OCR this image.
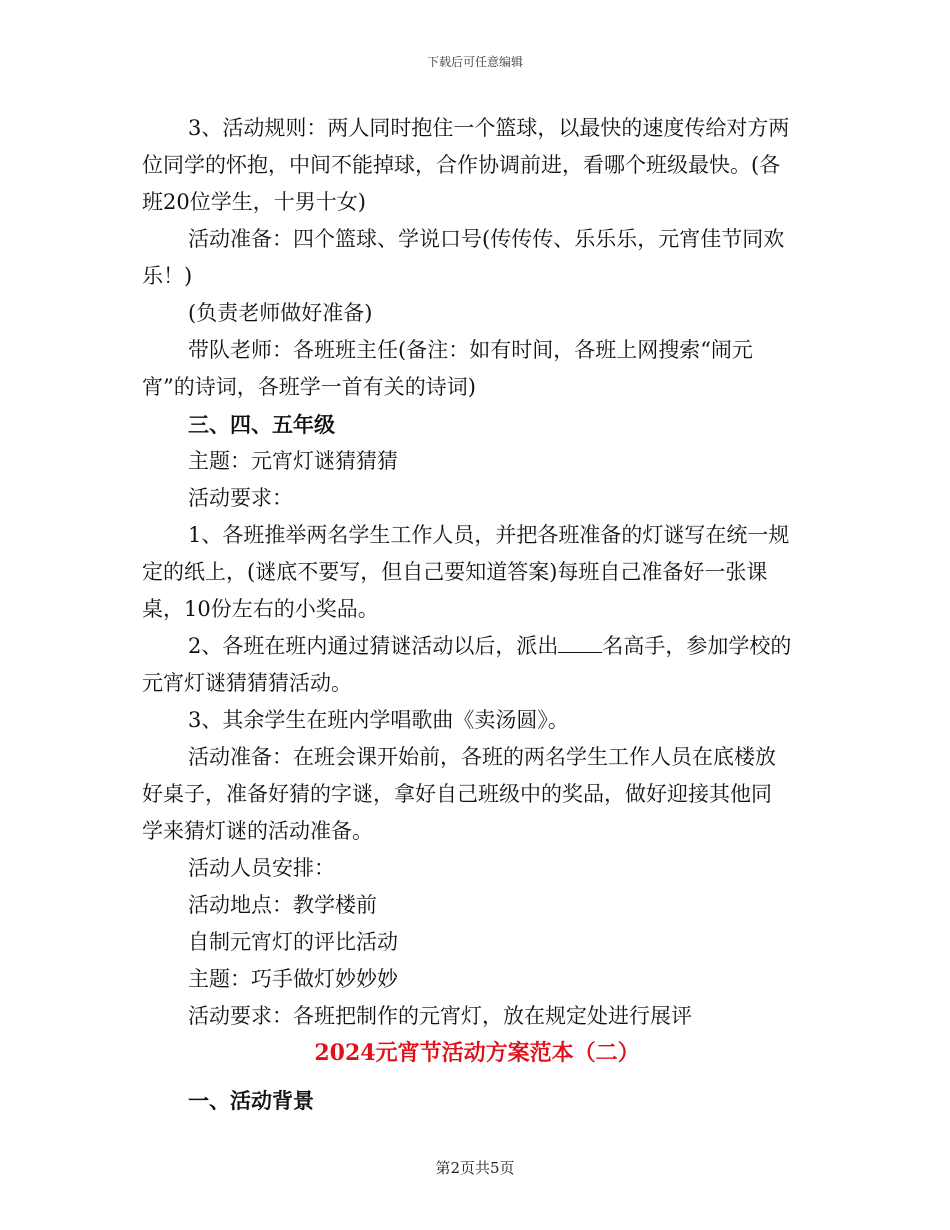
下载后可任意编辑
3、活动规则：两人同时抱住一个篮球，以最快的速度传给对方两
位同学的怀抱，中间不能掉球，合作协调前进，看哪个班级最快。(各
班20位学生，十男十女)
活动准备：四个篮球、学说口号(传传传、乐乐乐，元宵佳节同欢
乐！)
(负责老师做好准备)
带队老师：各班班主任(备注：如有时间，各班上网搜索“闹元
宵”的诗词，各班学一首有关的诗词)
三、四、五年级
主题：元宵灯谜猜猜猜
活动要求：
1、各班推举两名学生工作人员，并把各班准备的灯谜写在统一规
定的纸上，(谜底不要写，但自己要知道答案)每班自己准备好一张课
桌，10份左右的小奖品。
2、各班在班内通过猜谜活动以后，派出 名高手，参加学校的
元宵灯谜猜猜猜活动。
3、其余学生在班内学唱歌曲《卖汤圆》。
活动准备：在班会课开始前，各班的两名学生工作人员在底楼放
好桌子，准备好猜的字谜，拿好自己班级中的奖品，做好迎接其他同
学来猜灯谜的活动准备。
活动人员安排：
活动地点：教学楼前
自制元宵灯的评比活动
主题：巧手做灯妙妙妙
活动要求：各班把制作的元宵灯，放在规定处进行展评
2024元宵节活动方案范本（二）
一、活动背景
第2页共5页
